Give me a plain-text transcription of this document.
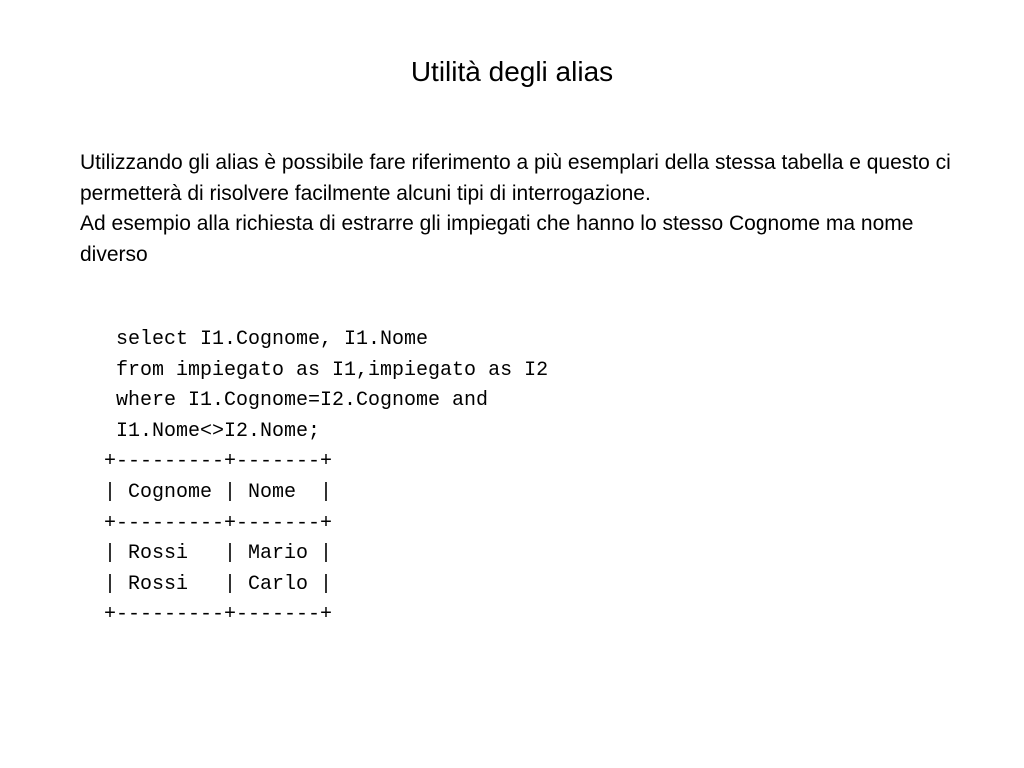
Utilità degli alias

Utilizzando gli alias è possibile fare riferimento a più esemplari della stessa tabella e questo ci permetterà di risolvere facilmente alcuni tipi di interrogazione.

Ad esempio alla richiesta di estrarre gli impiegati che hanno lo stesso Cognome ma nome diverso

select I1.Cognome, I1.Nome
from impiegato as I1,impiegato as I2
where I1.Cognome=I2.Cognome and
I1.Nome<>I2.Nome;
+---------+-------+
| Cognome | Nome  |
+---------+-------+
| Rossi   | Mario |
| Rossi   | Carlo |
+---------+-------+
